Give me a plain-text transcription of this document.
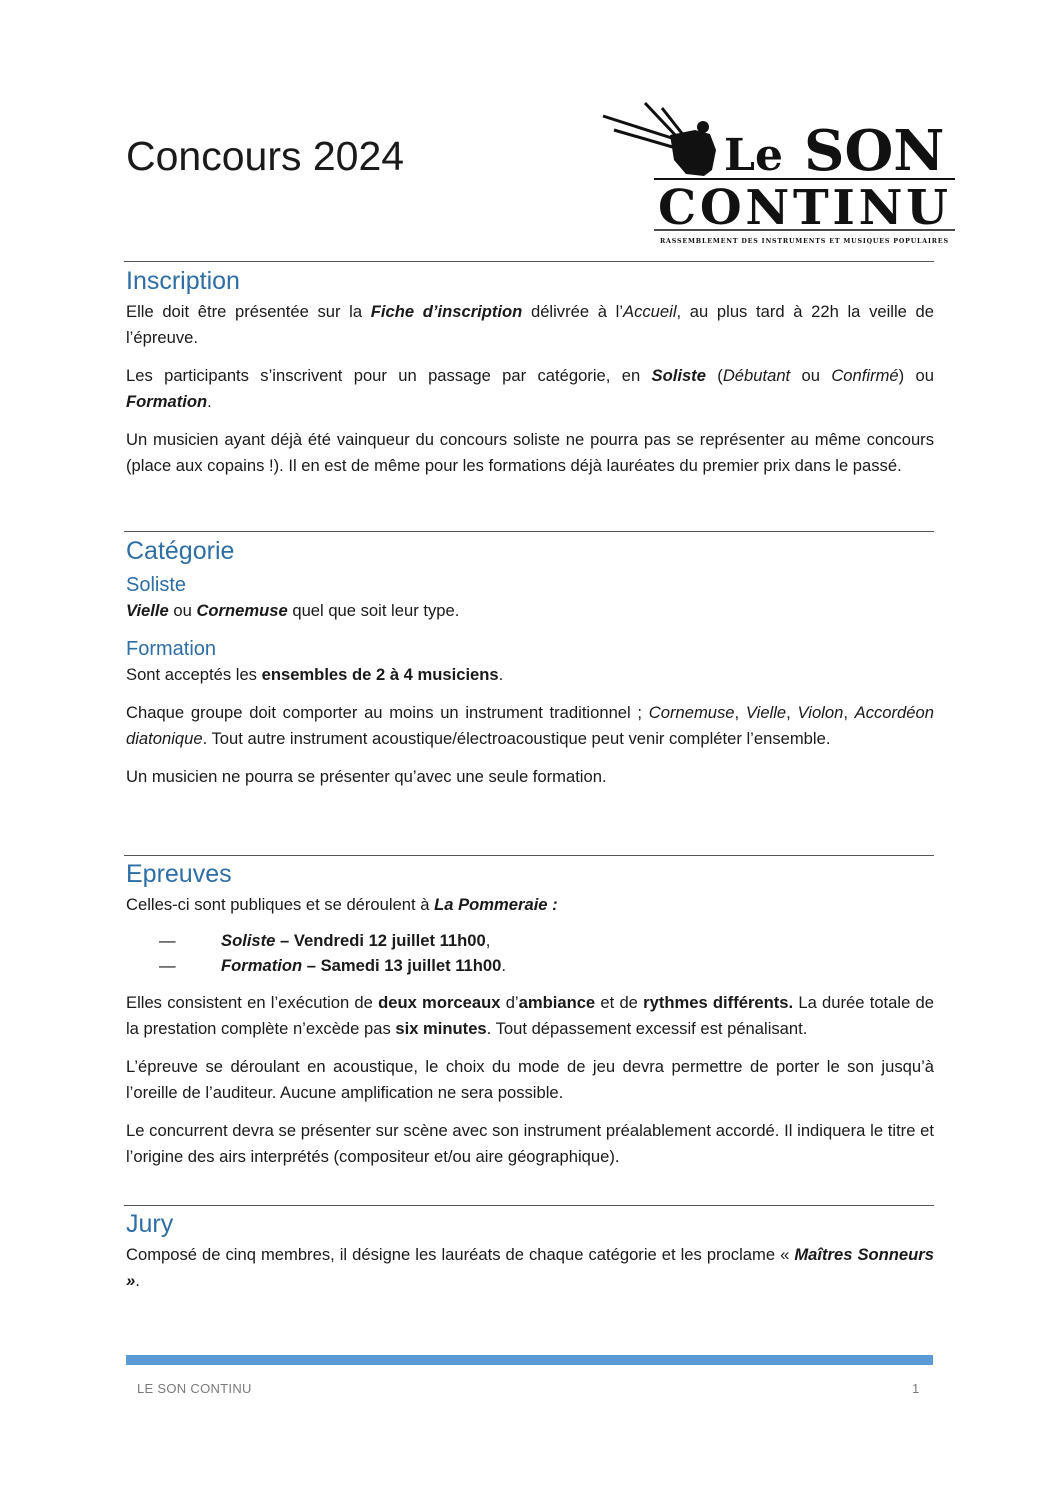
Concours 2024	Le SON
CONTINU
RASSEMBLEMENT DES INSTRUMENTS ET MUSIQUES POPULAIRES
Inscription

Elle doit être présentée sur la Fiche d’inscription délivrée à l’Accueil, au plus tard à 22h la veille de l’épreuve.

Les participants s’inscrivent pour un passage par catégorie, en Soliste (Débutant ou Confirmé) ou Formation.

Un musicien ayant déjà été vainqueur du concours soliste ne pourra pas se représenter au même concours (place aux copains !). Il en est de même pour les formations déjà lauréates du premier prix dans le passé.

Catégorie
Soliste

Vielle ou Cornemuse quel que soit leur type.

Formation

Sont acceptés les ensembles de 2 à 4 musiciens.

Chaque groupe doit comporter au moins un instrument traditionnel ; Cornemuse, Vielle, Violon, Accordéon diatonique. Tout autre instrument acoustique/électroacoustique peut venir compléter l’ensemble.

Un musicien ne pourra se présenter qu’avec une seule formation.

Epreuves

Celles-ci sont publiques et se déroulent à La Pommeraie :

—	Soliste – Vendredi 12 juillet 11h00,
—	Formation – Samedi 13 juillet 11h00.

Elles consistent en l’exécution de deux morceaux d’ambiance et de rythmes différents. La durée totale de la prestation complète n’excède pas six minutes. Tout dépassement excessif est pénalisant.

L’épreuve se déroulant en acoustique, le choix du mode de jeu devra permettre de porter le son jusqu’à l’oreille de l’auditeur. Aucune amplification ne sera possible.

Le concurrent devra se présenter sur scène avec son instrument préalablement accordé. Il indiquera le titre et l’origine des airs interprétés (compositeur et/ou aire géographique).

Jury

Composé de cinq membres, il désigne les lauréats de chaque catégorie et les proclame « Maîtres Sonneurs ».

LE SON CONTINU	1
